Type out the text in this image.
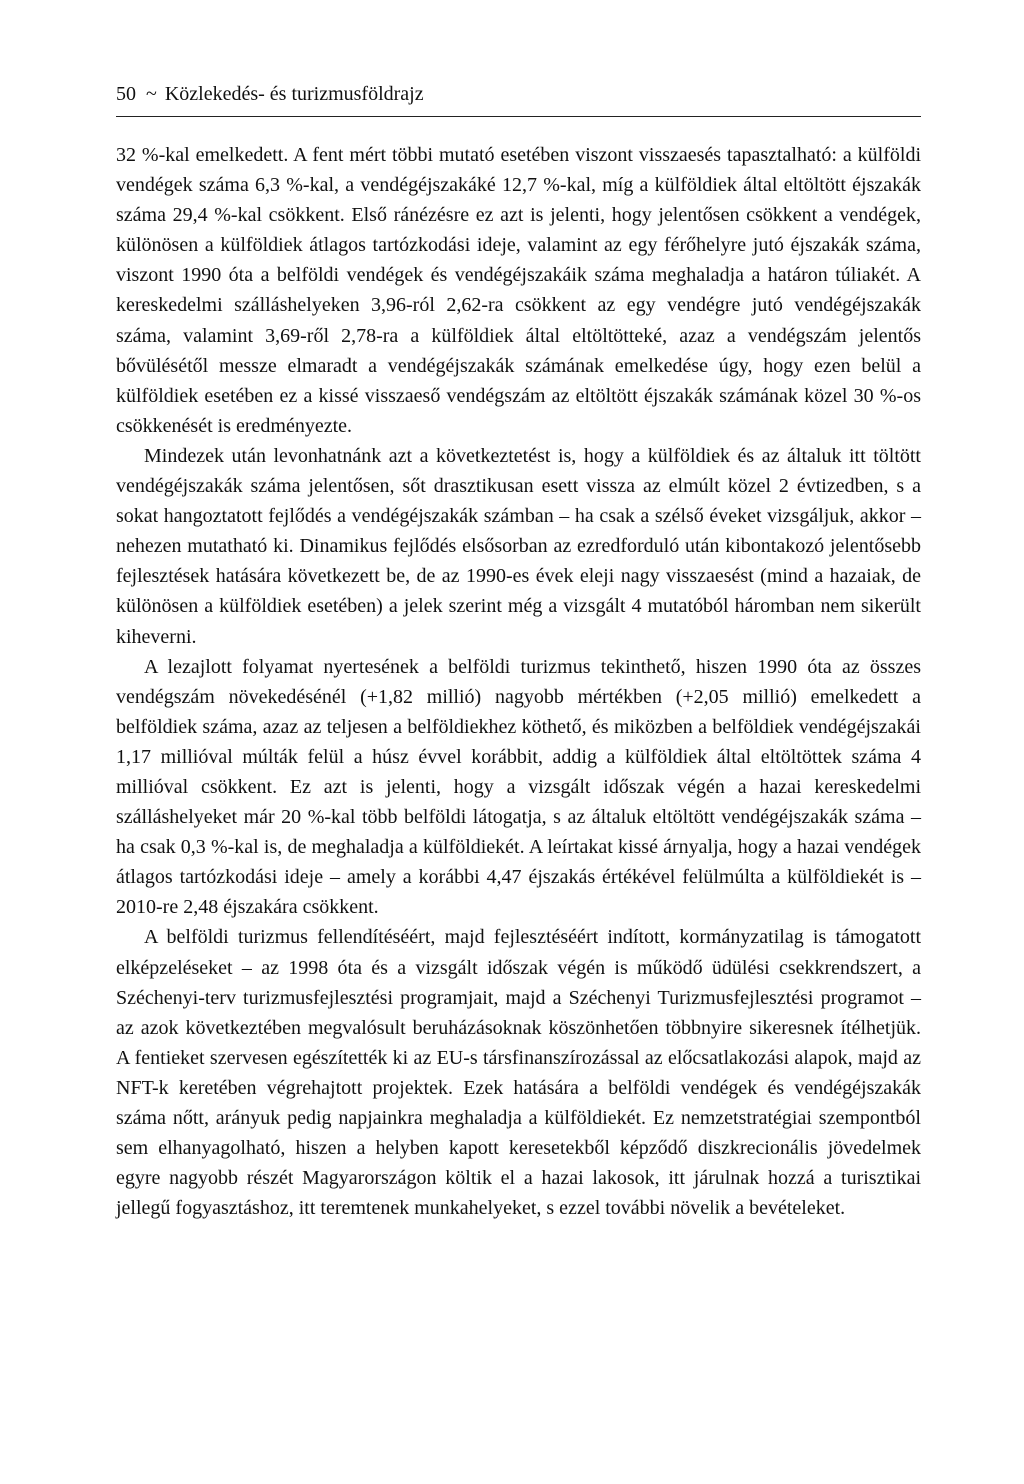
50 ~ Közlekedés- és turizmusföldrajz

32 %-kal emelkedett. A fent mért többi mutató esetében viszont visszaesés tapasztalható: a külföldi vendégek száma 6,3 %-kal, a vendégéjszakáké 12,7 %-kal, míg a külföldiek által eltöltött éjszakák száma 29,4 %-kal csökkent. Első ránézésre ez azt is jelenti, hogy jelentősen csökkent a vendégek, különösen a külföldiek átlagos tartózkodási ideje, valamint az egy férőhelyre jutó éjszakák száma, viszont 1990 óta a belföldi vendégek és vendégéjszakáik száma meghaladja a határon túliakét. A kereskedelmi szálláshelyeken 3,96-ról 2,62-ra csökkent az egy vendégre jutó vendégéjszakák száma, valamint 3,69-ről 2,78-ra a külföldiek által eltöltötteké, azaz a vendégszám jelentős bővülésétől messze elmaradt a vendégéjszakák számának emelkedése úgy, hogy ezen belül a külföldiek esetében ez a kissé visszaeső vendégszám az eltöltött éjszakák számának közel 30 %-os csökkenését is eredményezte.

Mindezek után levonhatnánk azt a következtetést is, hogy a külföldiek és az általuk itt töltött vendégéjszakák száma jelentősen, sőt drasztikusan esett vissza az elmúlt közel 2 évtizedben, s a sokat hangoztatott fejlődés a vendégéjszakák számban – ha csak a szélső éveket vizsgáljuk, akkor – nehezen mutatható ki. Dinamikus fejlődés elsősorban az ezredforduló után kibontakozó jelentősebb fejlesztések hatására következett be, de az 1990-es évek eleji nagy visszaesést (mind a hazaiak, de különösen a külföldiek esetében) a jelek szerint még a vizsgált 4 mutatóból háromban nem sikerült kiheverni.

A lezajlott folyamat nyertesének a belföldi turizmus tekinthető, hiszen 1990 óta az összes vendégszám növekedésénél (+1,82 millió) nagyobb mértékben (+2,05 millió) emelkedett a belföldiek száma, azaz az teljesen a belföldiekhez köthető, és miközben a belföldiek vendégéjszakái 1,17 millióval múlták felül a húsz évvel korábbit, addig a külföldiek által eltöltöttek száma 4 millióval csökkent. Ez azt is jelenti, hogy a vizsgált időszak végén a hazai kereskedelmi szálláshelyeket már 20 %-kal több belföldi látogatja, s az általuk eltöltött vendégéjszakák száma – ha csak 0,3 %-kal is, de meghaladja a külföldiekét. A leírtakat kissé árnyalja, hogy a hazai vendégek átlagos tartózkodási ideje – amely a korábbi 4,47 éjszakás értékével felülmúlta a külföldiekét is – 2010-re 2,48 éjszakára csökkent.

A belföldi turizmus fellendítéséért, majd fejlesztéséért indított, kormányzatilag is támogatott elképzeléseket – az 1998 óta és a vizsgált időszak végén is működő üdülési csekkrendszert, a Széchenyi-terv turizmusfejlesztési programjait, majd a Széchenyi Turizmusfejlesztési programot – az azok következtében megvalósult beruházásoknak köszönhetően többnyire sikeresnek ítélhetjük. A fentieket szervesen egészítették ki az EU-s társfinanszírozással az előcsatlakozási alapok, majd az NFT-k keretében végrehajtott projektek. Ezek hatására a belföldi vendégek és vendégéjszakák száma nőtt, arányuk pedig napjainkra meghaladja a külföldiekét. Ez nemzetstratégiai szempontból sem elhanyagolható, hiszen a helyben kapott keresetekből képződő diszkrecionális jövedelmek egyre nagyobb részét Magyarországon költik el a hazai lakosok, itt járulnak hozzá a turisztikai jellegű fogyasztáshoz, itt teremtenek munkahelyeket, s ezzel további növelik a bevételeket.
